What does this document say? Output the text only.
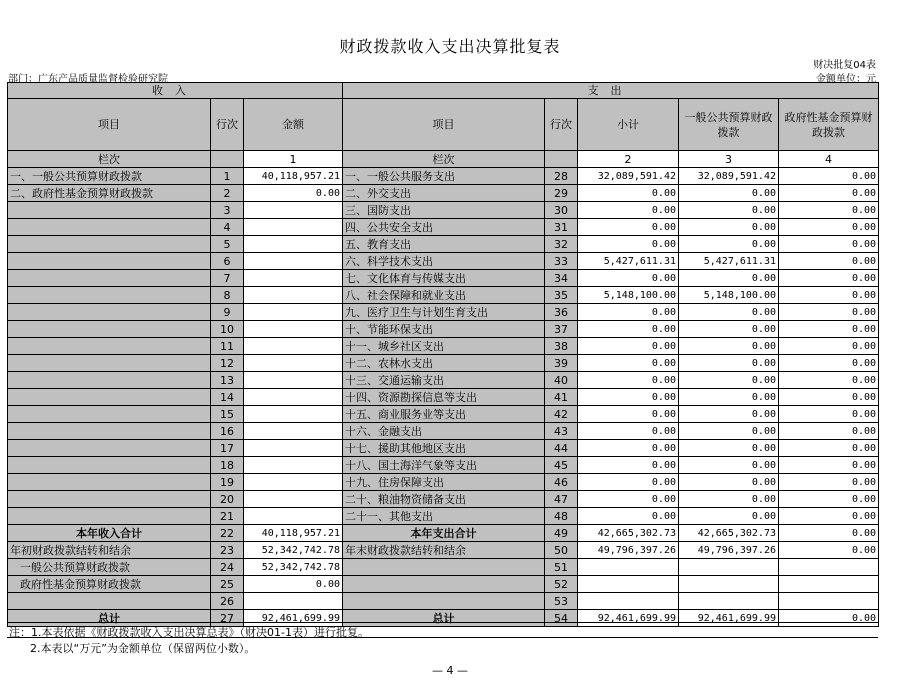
财政拨款收入支出决算批复表
财决批复04表
部门：广东产品质量监督检验研究院	金额单位：元
收入			支出				
项目	行次	金额	项目	行次	小计	一般公共预算财政拨款	政府性基金预算财政拨款
栏次		1	栏次		2	3	4
一、一般公共预算财政拨款	1	40,118,957.21	一、一般公共服务支出	28	32,089,591.42	32,089,591.42	0.00
二、政府性基金预算财政拨款	2	0.00	二、外交支出	29	0.00	0.00	0.00
	3		三、国防支出	30	0.00	0.00	0.00
	4		四、公共安全支出	31	0.00	0.00	0.00
	5		五、教育支出	32	0.00	0.00	0.00
	6		六、科学技术支出	33	5,427,611.31	5,427,611.31	0.00
	7		七、文化体育与传媒支出	34	0.00	0.00	0.00
	8		八、社会保障和就业支出	35	5,148,100.00	5,148,100.00	0.00
	9		九、医疗卫生与计划生育支出	36	0.00	0.00	0.00
	10		十、节能环保支出	37	0.00	0.00	0.00
	11		十一、城乡社区支出	38	0.00	0.00	0.00
	12		十二、农林水支出	39	0.00	0.00	0.00
	13		十三、交通运输支出	40	0.00	0.00	0.00
	14		十四、资源勘探信息等支出	41	0.00	0.00	0.00
	15		十五、商业服务业等支出	42	0.00	0.00	0.00
	16		十六、金融支出	43	0.00	0.00	0.00
	17		十七、援助其他地区支出	44	0.00	0.00	0.00
	18		十八、国土海洋气象等支出	45	0.00	0.00	0.00
	19		十九、住房保障支出	46	0.00	0.00	0.00
	20		二十、粮油物资储备支出	47	0.00	0.00	0.00
	21		二十一、其他支出	48	0.00	0.00	0.00
本年收入合计	22	40,118,957.21	本年支出合计	49	42,665,302.73	42,665,302.73	0.00
年初财政拨款结转和结余	23	52,342,742.78	年末财政拨款结转和结余	50	49,796,397.26	49,796,397.26	0.00
一般公共预算财政拨款	24	52,342,742.78		51			
政府性基金预算财政拨款	25	0.00		52			
	26			53			
总计	27	92,461,699.99	总计	54	92,461,699.99	92,461,699.99	0.00
注：1.本表依据《财政拨款收入支出决算总表》（财决01-1表）进行批复。
2.本表以“万元”为金额单位（保留两位小数）。
— 4 —
